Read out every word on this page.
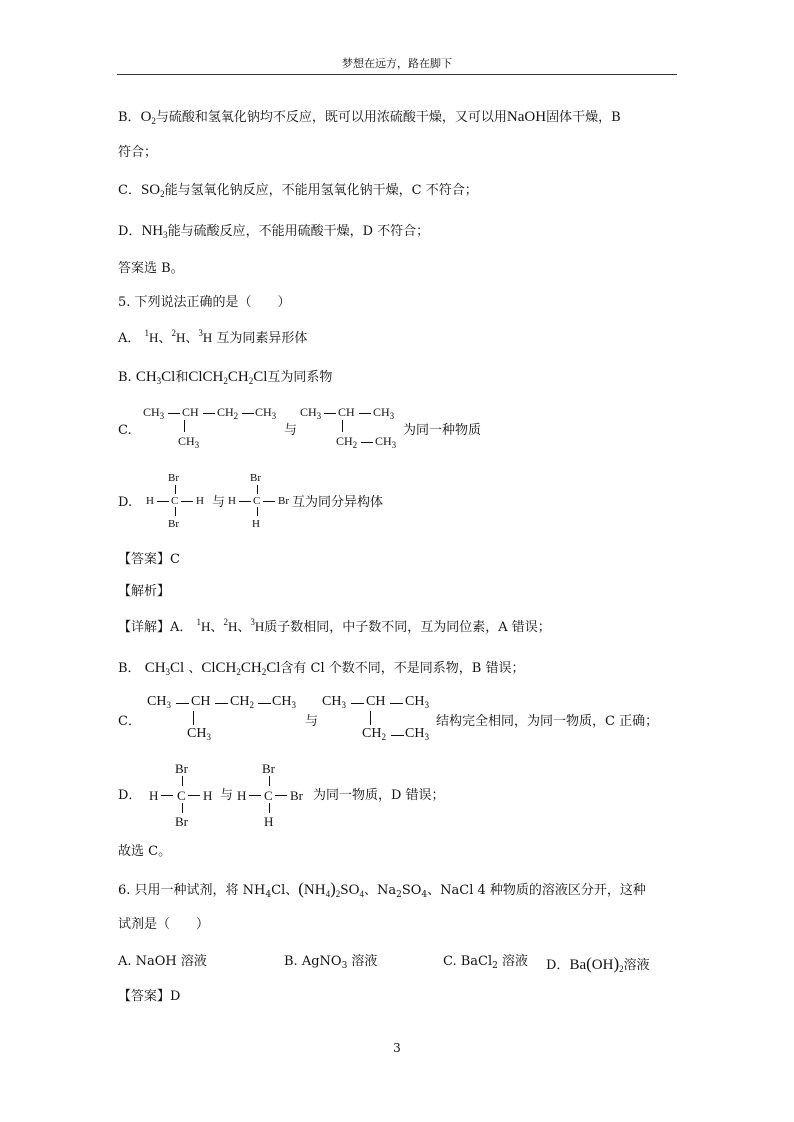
梦想在远方，路在脚下
B．$O_2$与硫酸和氢氧化钠均不反应，既可以用浓硫酸干燥，又可以用NaOH固体干燥，B
符合；
C．$SO_2$能与氢氧化钠反应，不能用氢氧化钠干燥，C 不符合；
D．$NH_3$能与硫酸反应，不能用硫酸干燥，D 不符合；
答案选 B。
5. 下列说法正确的是（　　）
A． $^1$H、$^2$H、$^3$H 互为同素异形体
B. $CH_3Cl$和$ClCH_2CH_2Cl$互为同系物
C.
$CH_3$ CH $CH_2$ $CH_3$
$CH_3$
与
$CH_3$ CH $CH_3$
$CH_2$ $CH_3$
为同一种物质
D.
Br
H C H
Br
与
Br
H C Br
H
互为同分异构体
【答案】C
【解析】
【详解】A． $^1$H、$^2$H、$^3$H质子数相同，中子数不同，互为同位素，A 错误；
B． $CH_3Cl$ 、$ClCH_2CH_2Cl$含有 Cl 个数不同，不是同系物，B 错误；
C．
$CH_3$ CH $CH_2$ $CH_3$
$CH_3$
与
$CH_3$ CH $CH_3$
$CH_2$ $CH_3$
结构完全相同，为同一物质，C 正确；
D．
Br
H C H
Br
与
Br
H C Br
H
为同一物质，D 错误；
故选 C。
6. 只用一种试剂，将 $NH_4Cl$、$(NH_4)_2SO_4$、$Na_2SO_4$、NaCl 4 种物质的溶液区分开，这种
试剂是（　　）
A. NaOH 溶液	B. AgNO$_3$ 溶液	C. BaCl$_2$ 溶液 D．$Ba(OH)_2$溶液
【答案】D
3
